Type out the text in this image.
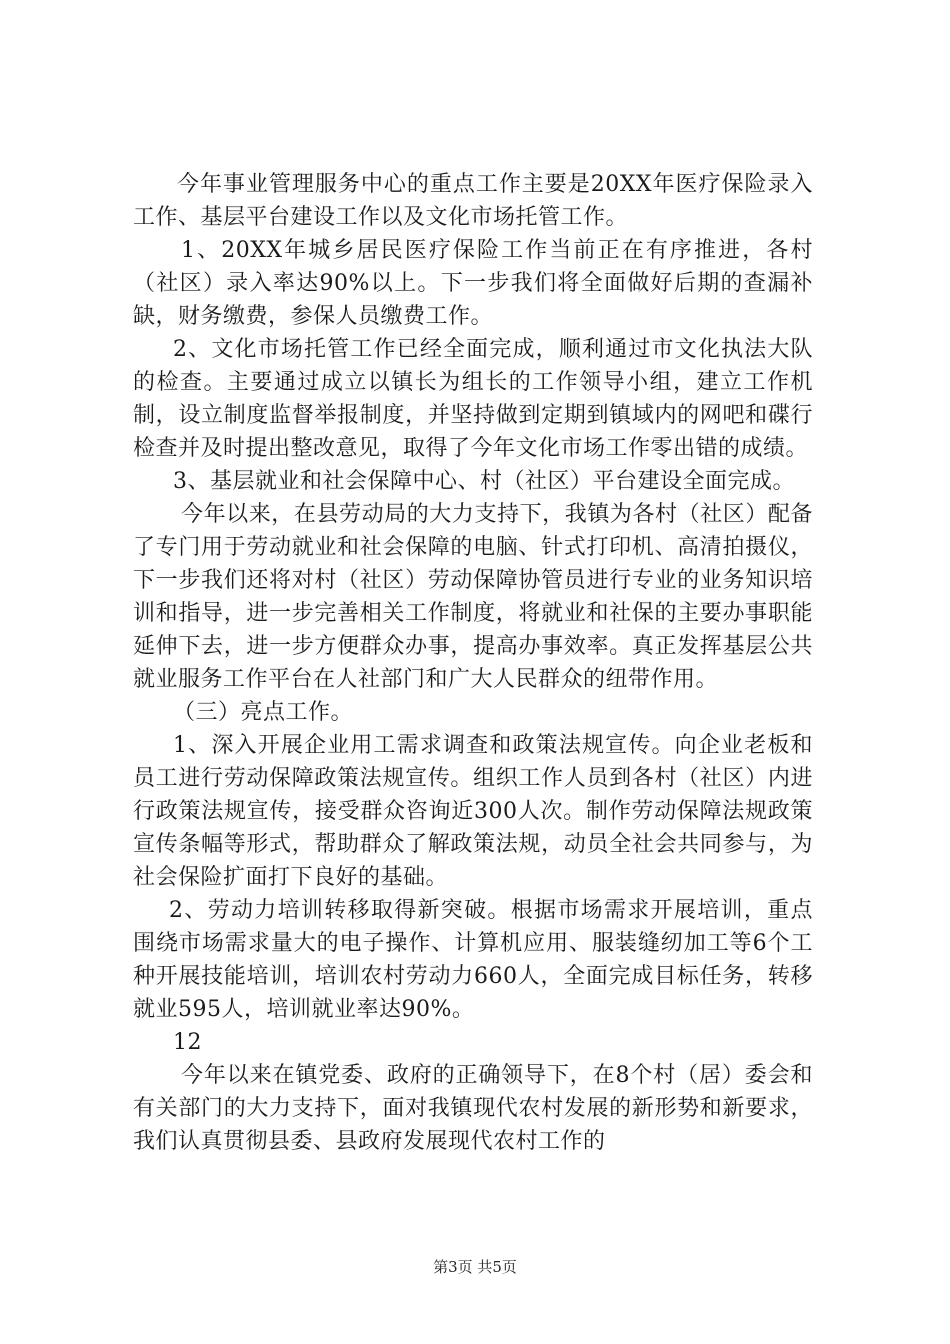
今年事业管理服务中心的重点工作主要是20XX年医疗保险录入工作、基层平台建设工作以及文化市场托管工作。

1、20XX年城乡居民医疗保险工作当前正在有序推进，各村（社区）录入率达90%以上。下一步我们将全面做好后期的查漏补缺，财务缴费，参保人员缴费工作。

2、文化市场托管工作已经全面完成，顺利通过市文化执法大队的检查。主要通过成立以镇长为组长的工作领导小组，建立工作机制，设立制度监督举报制度，并坚持做到定期到镇域内的网吧和碟行检查并及时提出整改意见，取得了今年文化市场工作零出错的成绩。

3、基层就业和社会保障中心、村（社区）平台建设全面完成。

今年以来，在县劳动局的大力支持下，我镇为各村（社区）配备了专门用于劳动就业和社会保障的电脑、针式打印机、高清拍摄仪，下一步我们还将对村（社区）劳动保障协管员进行专业的业务知识培训和指导，进一步完善相关工作制度，将就业和社保的主要办事职能延伸下去，进一步方便群众办事，提高办事效率。真正发挥基层公共就业服务工作平台在人社部门和广大人民群众的纽带作用。

（三）亮点工作。

1、深入开展企业用工需求调查和政策法规宣传。向企业老板和员工进行劳动保障政策法规宣传。组织工作人员到各村（社区）内进行政策法规宣传，接受群众咨询近300人次。制作劳动保障法规政策宣传条幅等形式，帮助群众了解政策法规，动员全社会共同参与，为社会保险扩面打下良好的基础。

2、劳动力培训转移取得新突破。根据市场需求开展培训，重点围绕市场需求量大的电子操作、计算机应用、服装缝纫加工等6个工种开展技能培训，培训农村劳动力660人，全面完成目标任务，转移就业595人，培训就业率达90%。

12

今年以来在镇党委、政府的正确领导下，在8个村（居）委会和有关部门的大力支持下，面对我镇现代农村发展的新形势和新要求，我们认真贯彻县委、县政府发展现代农村工作的

第3页 共5页
